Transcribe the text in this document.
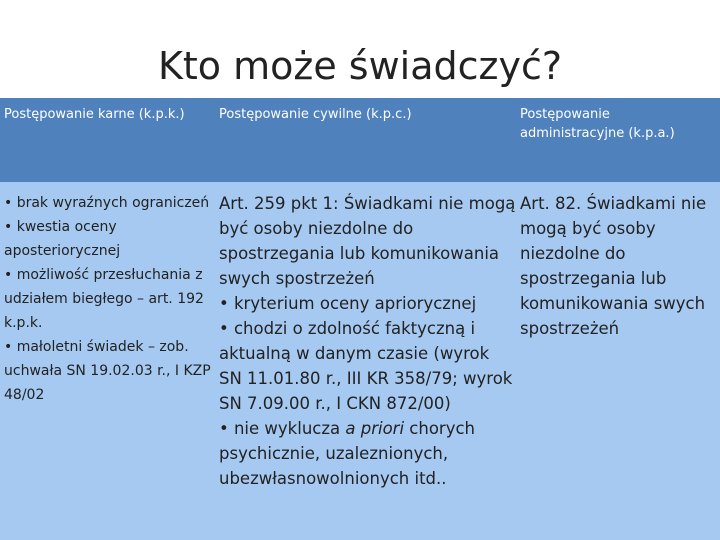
Kto może świadczyć?
Postępowanie karne (k.p.k.)	Postępowanie cywilne (k.p.c.)	Postępowanie
administracyjne (k.p.a.)
• brak wyraźnych ograniczeń
• kwestia oceny
aposteriorycznej
• możliwość przesłuchania z
udziałem biegłego – art. 192
k.p.k.
• małoletni świadek – zob.
uchwała SN 19.02.03 r., I KZP
48/02
Art. 259 pkt 1: Świadkami nie mogą
być osoby niezdolne do
spostrzegania lub komunikowania
swych spostrzeżeń
• kryterium oceny apriorycznej
• chodzi o zdolność faktyczną i
aktualną w danym czasie (wyrok
SN 11.01.80 r., III KR 358/79; wyrok
SN 7.09.00 r., I CKN 872/00)
• nie wyklucza a priori chorych
psychicznie, uzaleznionych,
ubezwłasnowolnionych itd..
Art. 82. Świadkami nie
mogą być osoby
niezdolne do
spostrzegania lub
komunikowania swych
spostrzeżeń
